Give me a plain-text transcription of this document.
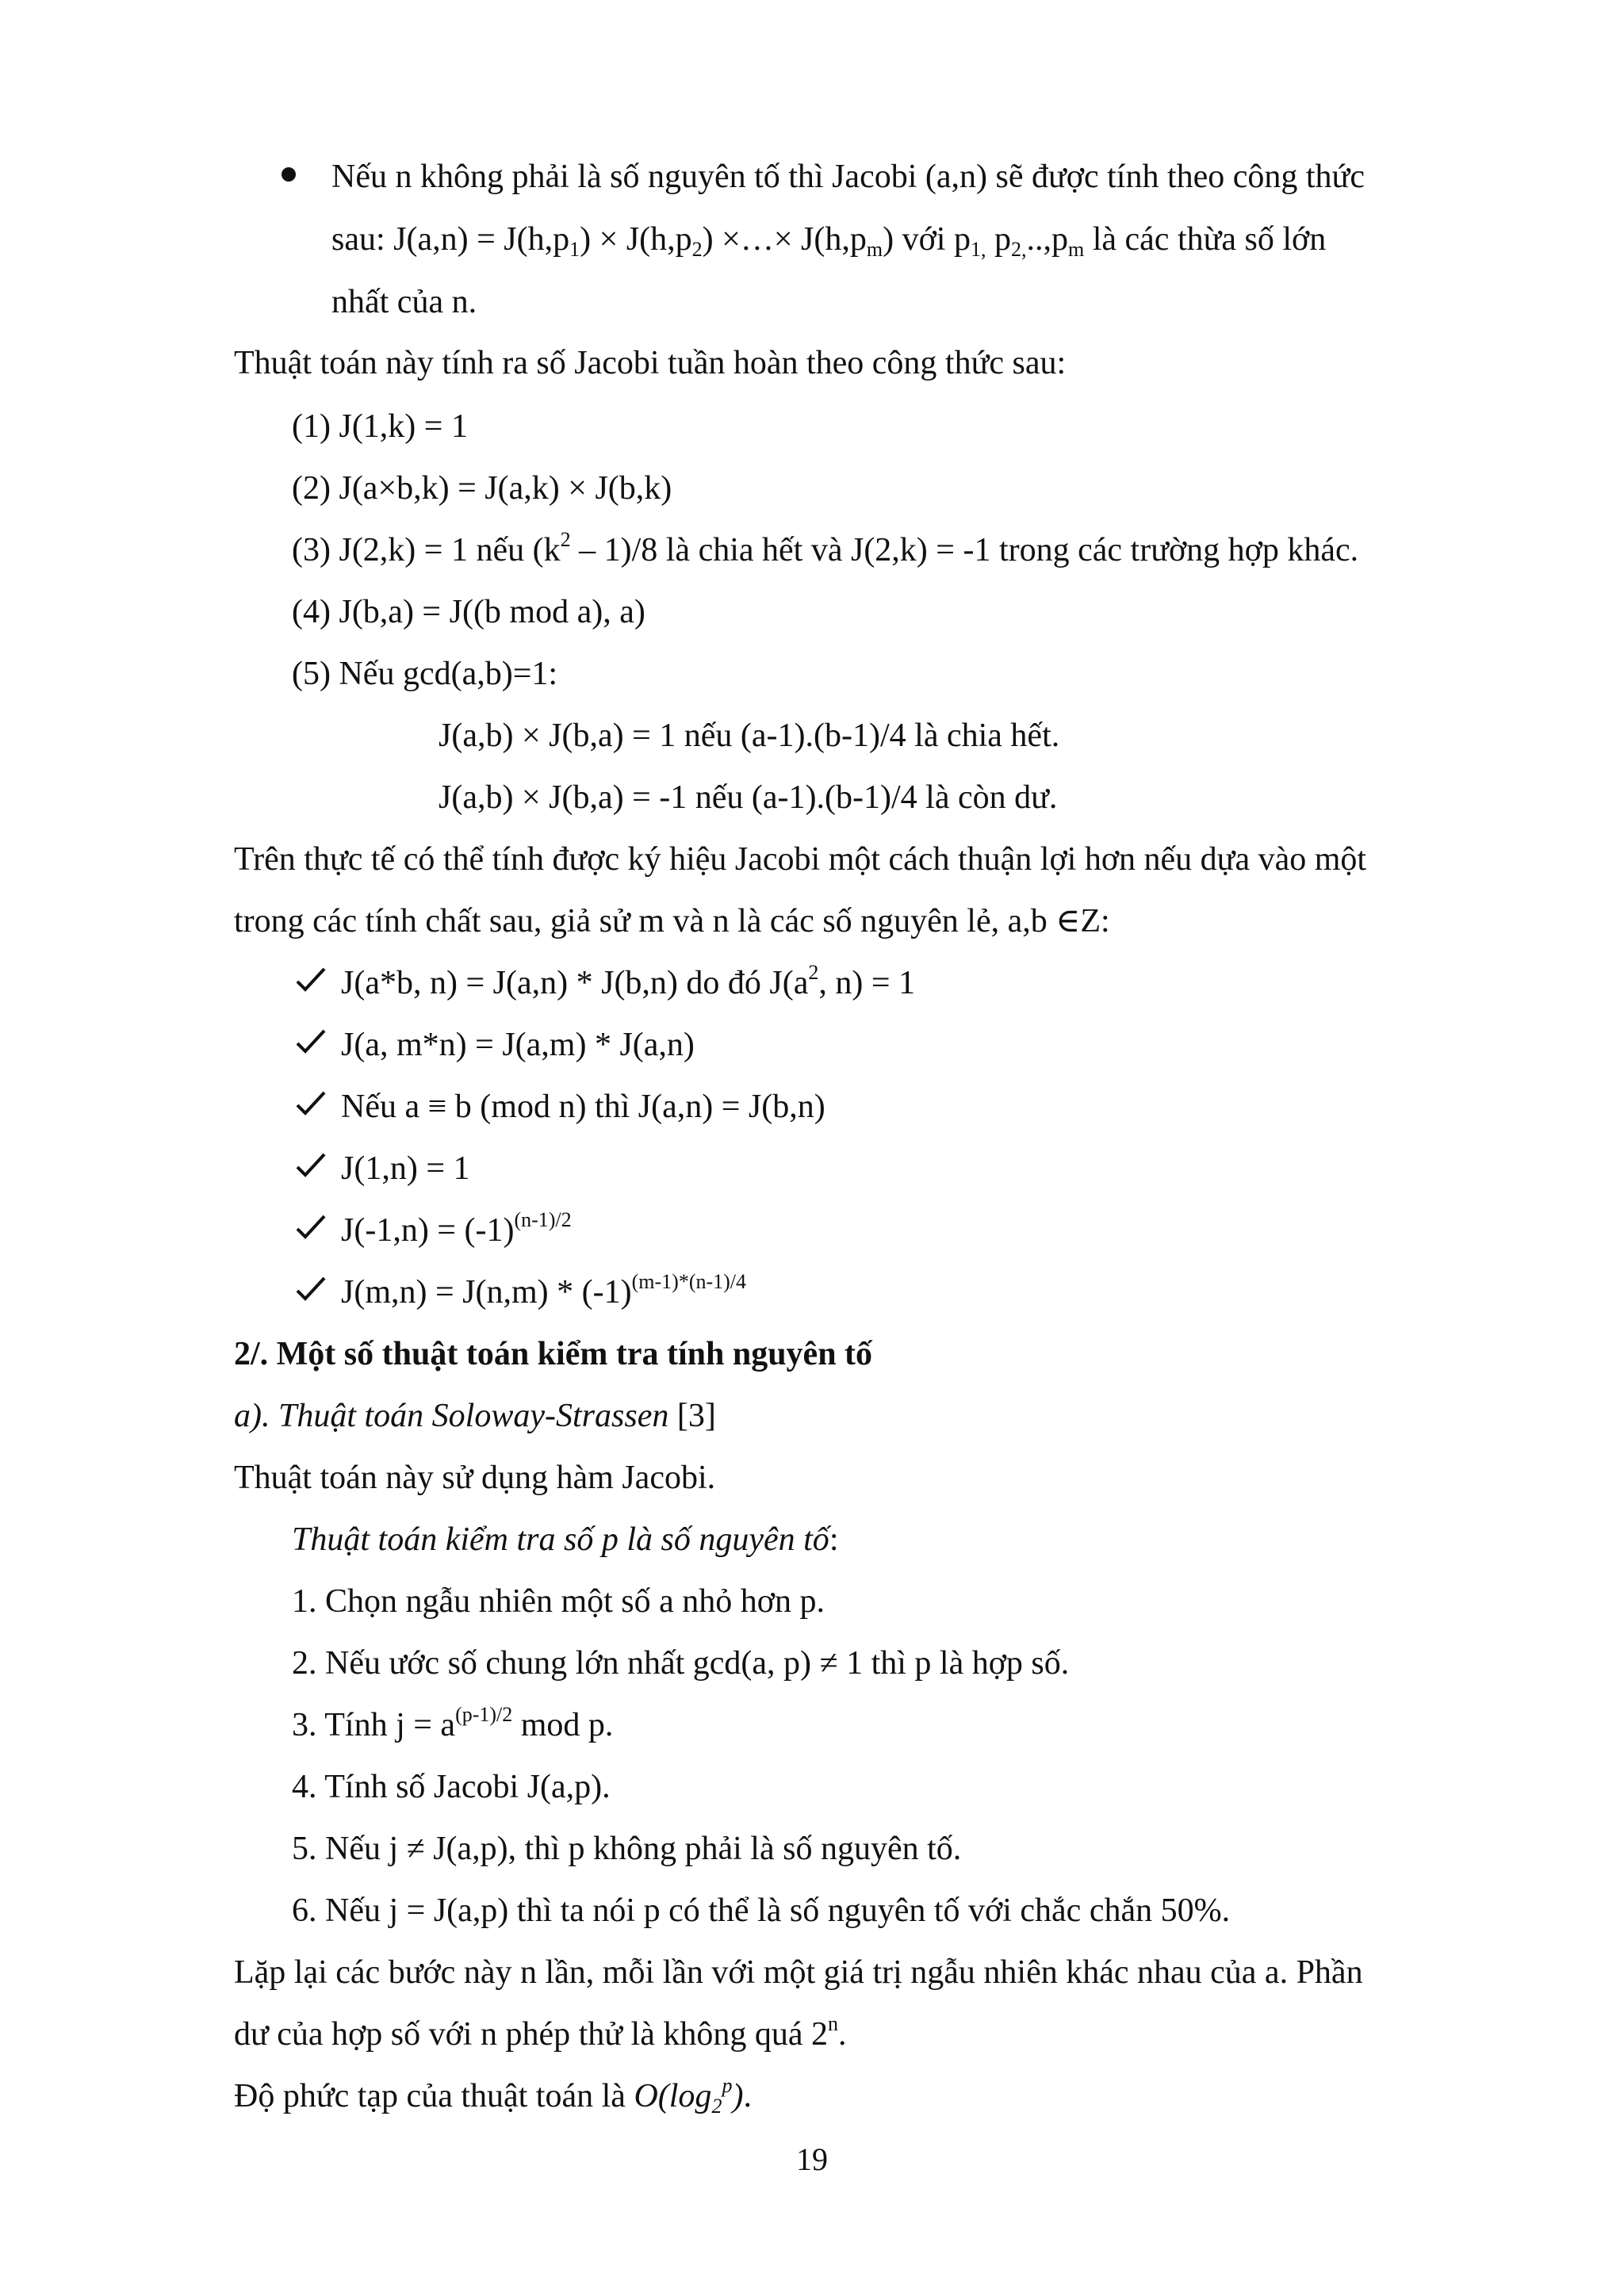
Nếu n không phải là số nguyên tố thì Jacobi (a,n) sẽ được tính theo công thức
sau: $J(a,n) = J(h,p_1) \times J(h,p_2)$ ×…× $J(h,p_m)$ với $p_{1,}$ $p_{2,}..,p_m$ là các thừa số lớn
nhất của n.
Thuật toán này tính ra số Jacobi tuần hoàn theo công thức sau:
(1) J(1,k) = 1
(2) J(a×b,k) = J(a,k) × J(b,k)
(3) J(2,k) = 1 nếu $(k^2 - 1)/8$ là chia hết và J(2,k) = -1 trong các trường hợp khác.
(4) J(b,a) = J((b mod a), a)
(5) Nếu gcd(a,b)=1:
J(a,b) × J(b,a) = 1 nếu (a-1).(b-1)/4 là chia hết.
J(a,b) × J(b,a) = -1 nếu (a-1).(b-1)/4 là còn dư.
Trên thực tế có thể tính được ký hiệu Jacobi một cách thuận lợi hơn nếu dựa vào một
trong các tính chất sau, giả sử m và n là các số nguyên lẻ, a,b ∈Z:
J(a*b, n) = J(a,n) * J(b,n) do đó $J(a^2$, n) = 1
J(a, m*n) = J(a,m) * J(a,n)
Nếu a ≡ b (mod n) thì J(a,n) = J(b,n)
J(1,n) = 1
$J(-1,n) = (-1)^{(n-1)/2}$
$J(m,n) = J(n,m) * (-1)^{(m-1)*(n-1)/4}$
2/. Một số thuật toán kiểm tra tính nguyên tố
a). Thuật toán Soloway-Strassen [3]
Thuật toán này sử dụng hàm Jacobi.
Thuật toán kiểm tra số p là số nguyên tố:
1. Chọn ngẫu nhiên một số a nhỏ hơn p.
2. Nếu ước số chung lớn nhất gcd(a, p) ≠ 1 thì p là hợp số.
3. Tính $j = a^{(p-1)/2}$ mod p.
4. Tính số Jacobi J(a,p).
5. Nếu j ≠ J(a,p), thì p không phải là số nguyên tố.
6. Nếu j = J(a,p) thì ta nói p có thể là số nguyên tố với chắc chắn 50%.
Lặp lại các bước này n lần, mỗi lần với một giá trị ngẫu nhiên khác nhau của a. Phần
dư của hợp số với n phép thử là không quá 2$^n$.
Độ phức tạp của thuật toán là $O(\log_2^p)$.
19
